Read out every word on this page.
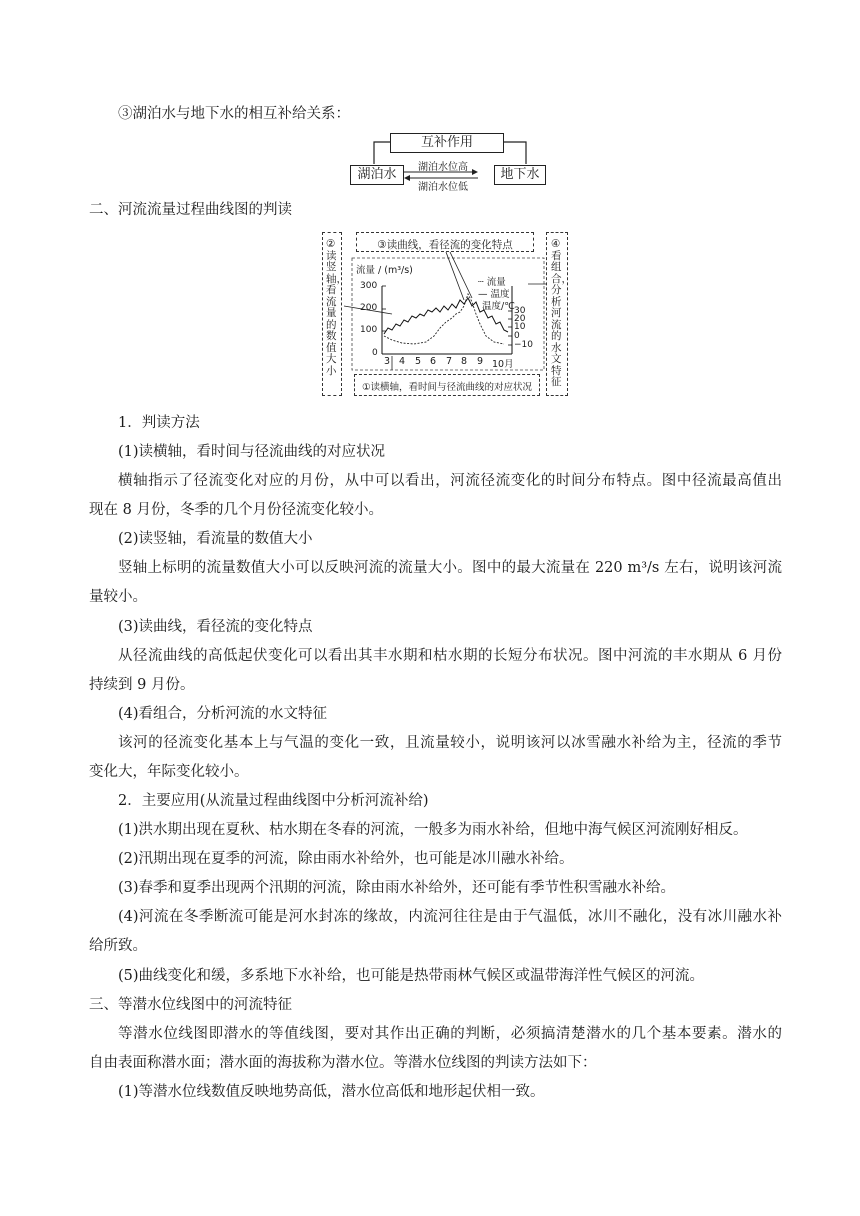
③湖泊水与地下水的相互补给关系：
互补作用
湖泊水	地下水
湖泊水位高
湖泊水位低
二、河流流量过程曲线图的判读
②读竖轴，看流量的数值大小
④看组合，分析河流的水文特征
③读曲线，看径流的变化特点
①读横轴，看时间与径流曲线的对应状况
流量 / (m³/s)
300
200
100
0
┄ 流量
— 温度
温度/℃ 30
20
10
0
−10
3 4 5 6 7 8 9 10月
1．判读方法
(1)读横轴，看时间与径流曲线的对应状况
横轴指示了径流变化对应的月份，从中可以看出，河流径流变化的时间分布特点。图中径流最高值出
现在 8 月份，冬季的几个月份径流变化较小。
(2)读竖轴，看流量的数值大小
竖轴上标明的流量数值大小可以反映河流的流量大小。图中的最大流量在 220 m³/s 左右，说明该河流
量较小。
(3)读曲线，看径流的变化特点
从径流曲线的高低起伏变化可以看出其丰水期和枯水期的长短分布状况。图中河流的丰水期从 6 月份
持续到 9 月份。
(4)看组合，分析河流的水文特征
该河的径流变化基本上与气温的变化一致，且流量较小，说明该河以冰雪融水补给为主，径流的季节
变化大，年际变化较小。
2．主要应用(从流量过程曲线图中分析河流补给)
(1)洪水期出现在夏秋、枯水期在冬春的河流，一般多为雨水补给，但地中海气候区河流刚好相反。
(2)汛期出现在夏季的河流，除由雨水补给外，也可能是冰川融水补给。
(3)春季和夏季出现两个汛期的河流，除由雨水补给外，还可能有季节性积雪融水补给。
(4)河流在冬季断流可能是河水封冻的缘故，内流河往往是由于气温低，冰川不融化，没有冰川融水补
给所致。
(5)曲线变化和缓，多系地下水补给，也可能是热带雨林气候区或温带海洋性气候区的河流。
三、等潜水位线图中的河流特征
等潜水位线图即潜水的等值线图，要对其作出正确的判断，必须搞清楚潜水的几个基本要素。潜水的
自由表面称潜水面；潜水面的海拔称为潜水位。等潜水位线图的判读方法如下：
(1)等潜水位线数值反映地势高低，潜水位高低和地形起伏相一致。
